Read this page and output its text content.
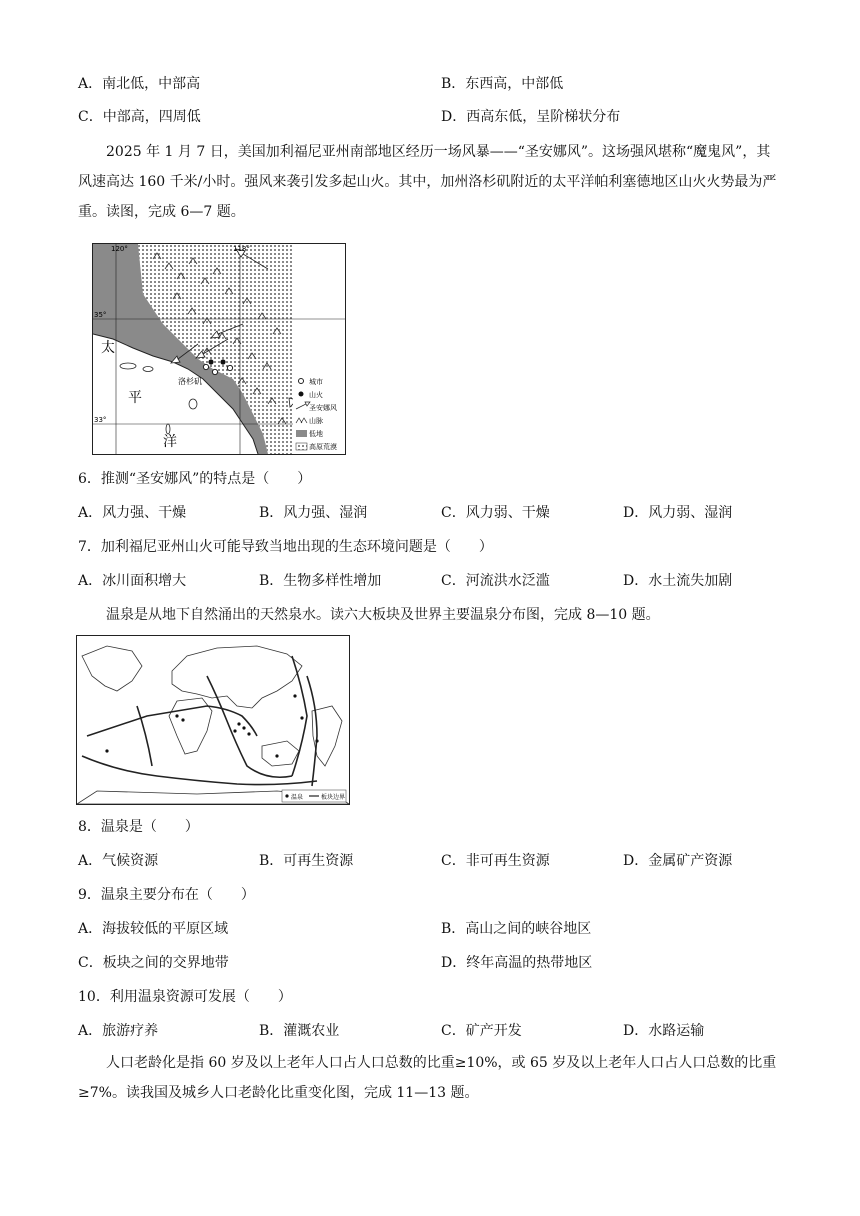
A．南北低，中部高	B．东西高，中部低
C．中部高，四周低	D．西高东低，呈阶梯状分布
2025 年 1 月 7 日，美国加利福尼亚州南部地区经历一场风暴——“圣安娜风”。这场强风堪称“魔鬼风”，其风速高达 160 千米/小时。强风来袭引发多起山火。其中，加州洛杉矶附近的太平洋帕利塞德地区山火火势最为严重。读图，完成 6—7 题。
120°	118°
35°
33°
太
平
洋
洛杉矶	城市
山火
圣安娜风
山脉
低地
高原荒漠
6．推测“圣安娜风”的特点是（　　）
A．风力强、干燥	B．风力强、湿润	C．风力弱、干燥	D．风力弱、湿润
7．加利福尼亚州山火可能导致当地出现的生态环境问题是（　　）
A．冰川面积增大	B．生物多样性增加	C．河流洪水泛滥	D．水土流失加剧
温泉是从地下自然涌出的天然泉水。读六大板块及世界主要温泉分布图，完成 8—10 题。
温泉	板块边界
8．温泉是（　　）
A．气候资源	B．可再生资源	C．非可再生资源	D．金属矿产资源
9．温泉主要分布在（　　）
A．海拔较低的平原区域	B．高山之间的峡谷地区
C．板块之间的交界地带	D．终年高温的热带地区
10．利用温泉资源可发展（　　）
A．旅游疗养	B．灌溉农业	C．矿产开发	D．水路运输
人口老龄化是指 60 岁及以上老年人口占人口总数的比重≥10%，或 65 岁及以上老年人口占人口总数的比重≥7%。读我国及城乡人口老龄化比重变化图，完成 11—13 题。
